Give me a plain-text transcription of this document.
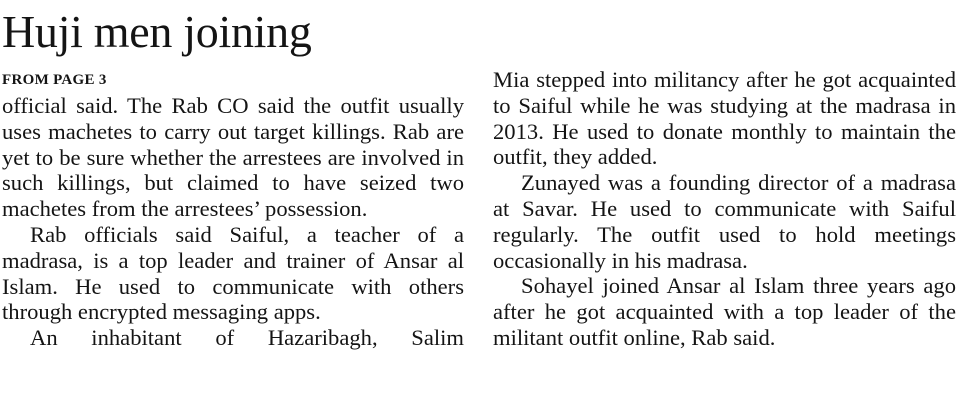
Huji men joining
FROM PAGE 3

official said. The Rab CO said the outfit usually uses machetes to carry out target killings. Rab are yet to be sure whether the arrestees are involved in such killings, but claimed to have seized two machetes from the arrestees’ possession.

Rab officials said Saiful, a teacher of a madrasa, is a top leader and trainer of Ansar al Islam. He used to communicate with others through encrypted messaging apps.

An inhabitant of Hazaribagh, Salim

Mia stepped into militancy after he got acquainted to Saiful while he was studying at the madrasa in 2013. He used to donate monthly to maintain the outfit, they added.

Zunayed was a founding director of a madrasa at Savar. He used to communicate with Saiful regularly. The outfit used to hold meetings occasionally in his madrasa.

Sohayel joined Ansar al Islam three years ago after he got acquainted with a top leader of the militant outfit online, Rab said.
